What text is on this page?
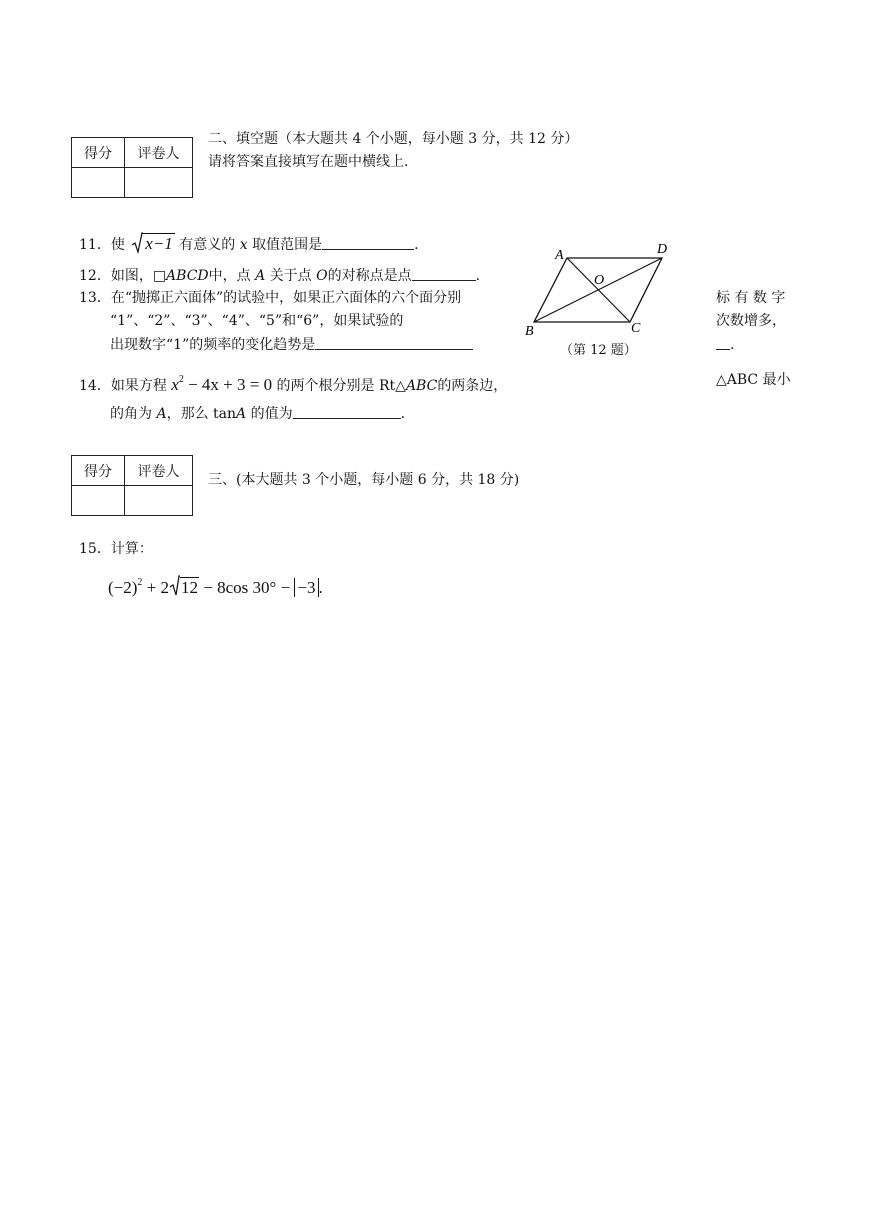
得分	评卷人

二、填空题（本大题共 4 个小题，每小题 3 分，共 12 分）
请将答案直接填写在题中横线上.
11．使 x−1 有意义的 x 取值范围是	.
12．如图，□ABCD中，点 A 关于点 O的对称点是点	.
13．在“抛掷正六面体”的试验中，如果正六面体的六个面分别	标 有 数 字
“1”、“2”、“3”、“4”、“5”和“6”，如果试验的	次数增多，
出现数字“1”的频率的变化趋势是	.
14．如果方程 $x^2 - 4x + 3 = 0$ 的两个根分别是 Rt△ABC的两条边，	△ABC 最小
的角为 A，那么 tanA 的值为	.
A	D
O
B	C
（第 12 题）
得分	评卷人

三、(本大题共 3 个小题，每小题 6 分，共 18 分)
15．计算：
$(-2)^2 + 2$ 12 − 8cos 30° − −3 .
